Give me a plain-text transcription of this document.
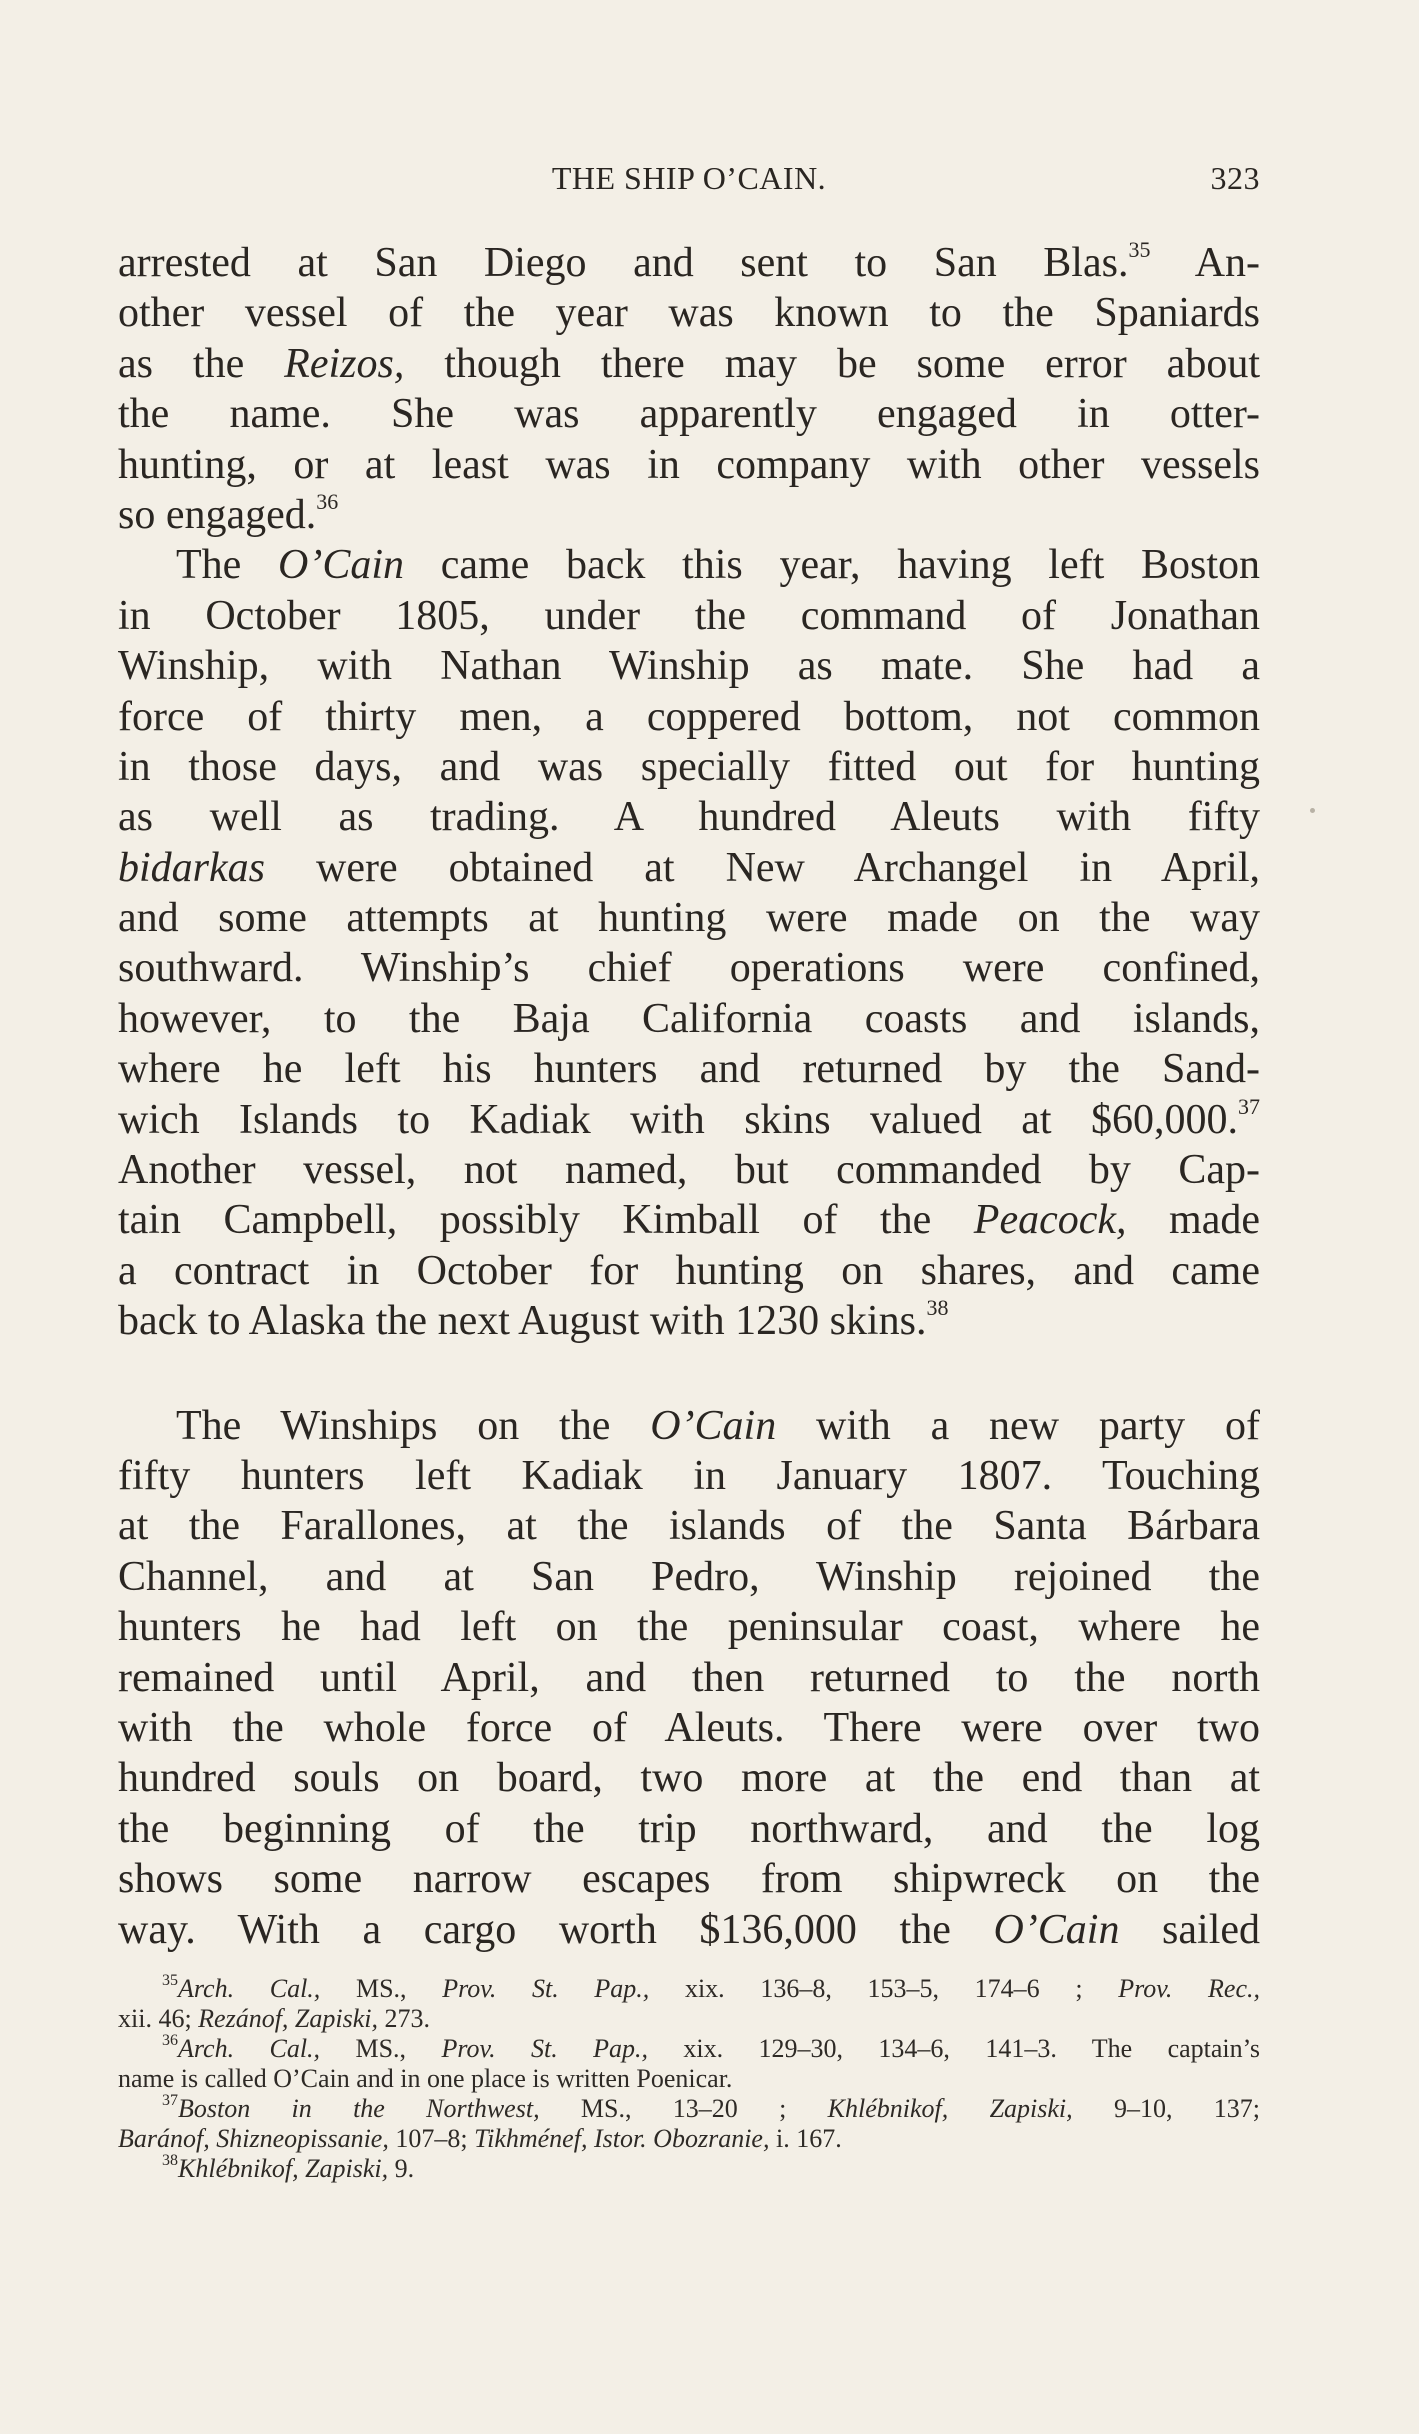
THE SHIP O’CAIN.	323
arrested at San Diego and sent to San Blas.$^{35}$ An-
other vessel of the year was known to the Spaniards
as the Reizos, though there may be some error about
the name. She was apparently engaged in otter-
hunting, or at least was in company with other vessels
so engaged.$^{36}$
The O’Cain came back this year, having left Boston
in October 1805, under the command of Jonathan
Winship, with Nathan Winship as mate. She had a
force of thirty men, a coppered bottom, not common
in those days, and was specially fitted out for hunting
as well as trading. A hundred Aleuts with fifty
bidarkas were obtained at New Archangel in April,
and some attempts at hunting were made on the way
southward. Winship’s chief operations were confined,
however, to the Baja California coasts and islands,
where he left his hunters and returned by the Sand-
wich Islands to Kadiak with skins valued at $60,000.37
Another vessel, not named, but commanded by Cap-
tain Campbell, possibly Kimball of the Peacock, made
a contract in October for hunting on shares, and came
back to Alaska the next August with 1230 skins.$^{38}$
The Winships on the O’Cain with a new party of
fifty hunters left Kadiak in January 1807. Touching
at the Farallones, at the islands of the Santa Bárbara
Channel, and at San Pedro, Winship rejoined the
hunters he had left on the peninsular coast, where he
remained until April, and then returned to the north
with the whole force of Aleuts. There were over two
hundred souls on board, two more at the end than at
the beginning of the trip northward, and the log
shows some narrow escapes from shipwreck on the
way. With a cargo worth $136,000 the O’Cain sailed
$^{35}$Arch. Cal., MS., Prov. St. Pap., xix. 136–8, 153–5, 174–6 ; Prov. Rec.,
xii. 46; Rezánof, Zapiski, 273.
$^{36}$Arch. Cal., MS., Prov. St. Pap., xix. 129–30, 134–6, 141–3. The captain’s
name is called O’Cain and in one place is written Poenicar.
$^{37}$Boston in the Northwest, MS., 13–20 ; Khlébnikof, Zapiski, 9–10, 137;
Baránof, Shizneopissanie, 107–8; Tikhménef, Istor. Obozranie, i. 167.
$^{38}$Khlébnikof, Zapiski, 9.
